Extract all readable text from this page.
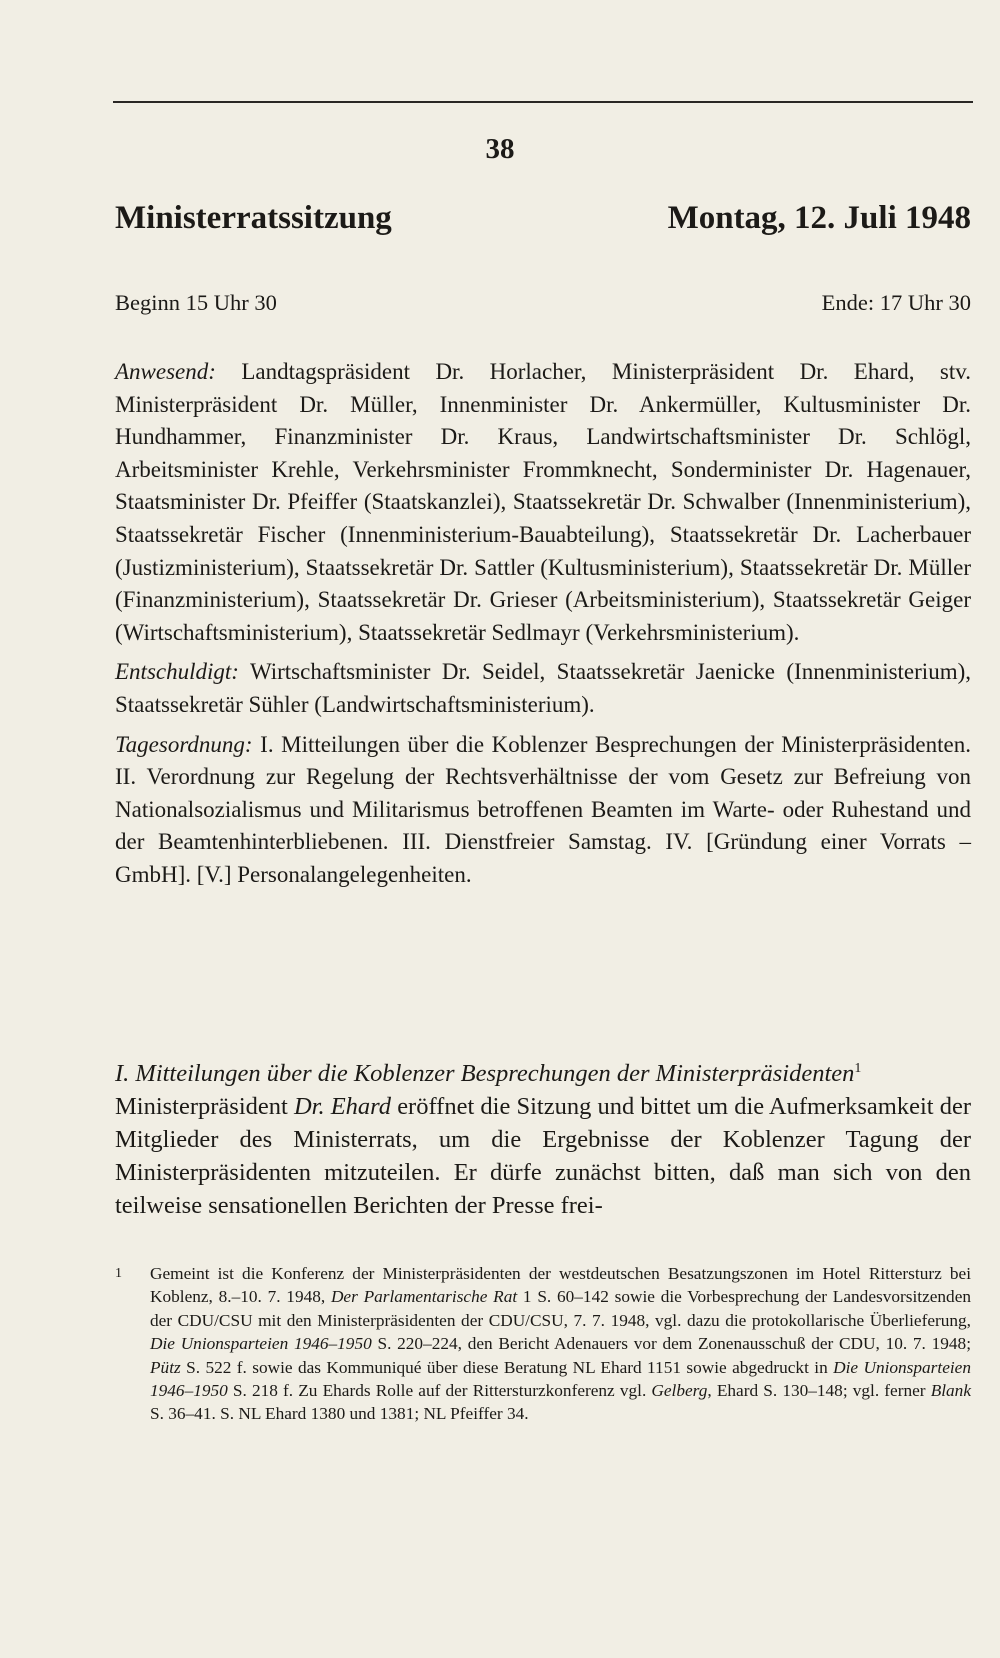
38
Ministerratssitzung	Montag, 12. Juli 1948
Beginn 15 Uhr 30	Ende: 17 Uhr 30

Anwesend: Landtagspräsident Dr. Horlacher, Ministerpräsident Dr. Ehard, stv. Ministerpräsident Dr. Müller, Innenminister Dr. Ankermüller, Kultusminister Dr. Hundhammer, Finanzminister Dr. Kraus, Landwirtschaftsminister Dr. Schlögl, Arbeitsminister Krehle, Verkehrsminister Frommknecht, Sonderminister Dr. Hagenauer, Staatsminister Dr. Pfeiffer (Staatskanzlei), Staatssekretär Dr. Schwalber (Innenministerium), Staatssekretär Fischer (Innenministerium-Bauabteilung), Staatssekretär Dr. Lacherbauer (Justizministerium), Staatssekretär Dr. Sattler (Kultusministerium), Staatssekretär Dr. Müller (Finanzministerium), Staatssekretär Dr. Grieser (Arbeitsministerium), Staatssekretär Geiger (Wirtschaftsministerium), Staatssekretär Sedlmayr (Verkehrsministerium).

Entschuldigt: Wirtschaftsminister Dr. Seidel, Staatssekretär Jaenicke (Innenministerium), Staatssekretär Sühler (Landwirtschaftsministerium).

Tagesordnung: I. Mitteilungen über die Koblenzer Besprechungen der Ministerpräsidenten. II. Verordnung zur Regelung der Rechtsverhältnisse der vom Gesetz zur Befreiung von Nationalsozialismus und Militarismus betroffenen Beamten im Warte- oder Ruhestand und der Beamtenhinterbliebenen. III. Dienstfreier Samstag. IV. [Gründung einer Vorrats – GmbH]. [V.] Personalangelegenheiten.

I. Mitteilungen über die Koblenzer Besprechungen der Ministerpräsidenten$^1$

Ministerpräsident Dr. Ehard eröffnet die Sitzung und bittet um die Aufmerksamkeit der Mitglieder des Ministerrats, um die Ergebnisse der Koblenzer Tagung der Ministerpräsidenten mitzuteilen. Er dürfe zunächst bitten, daß man sich von den teilweise sensationellen Berichten der Presse frei-

1 Gemeint ist die Konferenz der Ministerpräsidenten der westdeutschen Besatzungszonen im Hotel Rittersturz bei Koblenz, 8.–10. 7. 1948, Der Parlamentarische Rat 1 S. 60–142 sowie die Vorbesprechung der Landesvorsitzenden der CDU/CSU mit den Ministerpräsidenten der CDU/CSU, 7. 7. 1948, vgl. dazu die protokollarische Überlieferung, Die Unionsparteien 1946–1950 S. 220–224, den Bericht Adenauers vor dem Zonenausschuß der CDU, 10. 7. 1948; Pütz S. 522 f. sowie das Kommuniqué über diese Beratung NL Ehard 1151 sowie abgedruckt in Die Unionsparteien 1946–1950 S. 218 f. Zu Ehards Rolle auf der Rittersturzkonferenz vgl. Gelberg, Ehard S. 130–148; vgl. ferner Blank S. 36–41. S. NL Ehard 1380 und 1381; NL Pfeiffer 34.
